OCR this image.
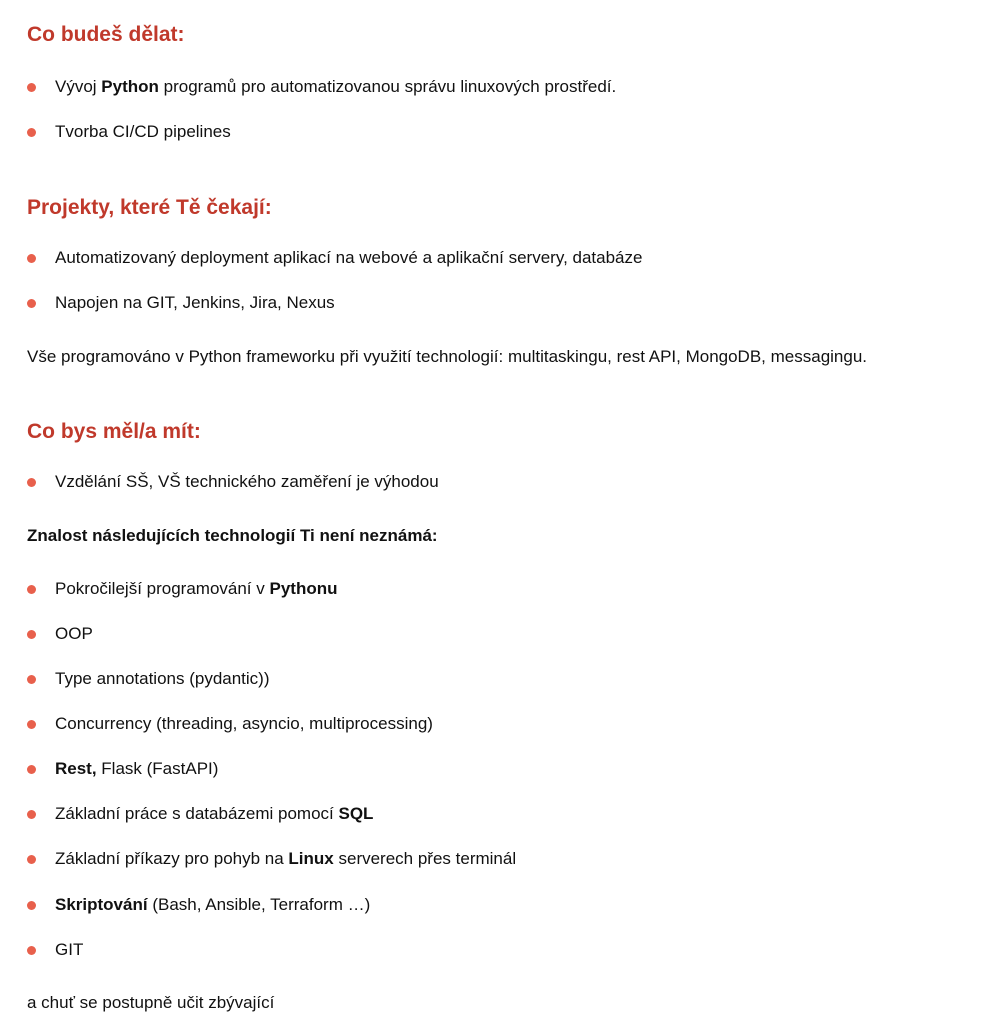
Co budeš dělat:
Vývoj Python programů pro automatizovanou správu linuxových prostředí.
Tvorba CI/CD pipelines
Projekty, které Tě čekají:
Automatizovaný deployment aplikací na webové a aplikační servery, databáze
Napojen na GIT, Jenkins, Jira, Nexus

Vše programováno v Python frameworku při využití technologií: multitaskingu, rest API, MongoDB, messagingu.

Co bys měl/a mít:
Vzdělání SŠ, VŠ technického zaměření je výhodou

Znalost následujících technologií Ti není neznámá:

Pokročilejší programování v Pythonu
OOP
Type annotations (pydantic))
Concurrency (threading, asyncio, multiprocessing)
Rest, Flask (FastAPI)
Základní práce s databázemi pomocí SQL
Základní příkazy pro pohyb na Linux serverech přes terminál
Skriptování (Bash, Ansible, Terraform …)
GIT

a chuť se postupně učit zbývající
